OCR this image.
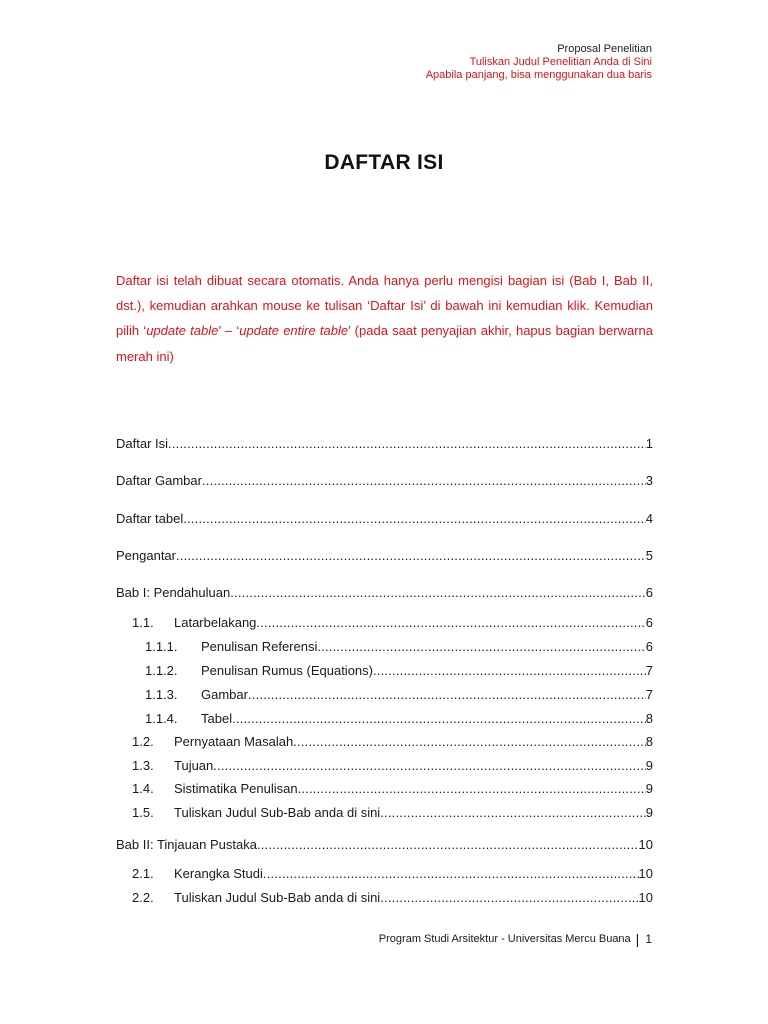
Proposal Penelitian
Tuliskan Judul Penelitian Anda di Sini
Apabila panjang, bisa menggunakan dua baris
DAFTAR ISI
Daftar isi telah dibuat secara otomatis. Anda hanya perlu mengisi bagian isi (Bab I, Bab II, dst.), kemudian arahkan mouse ke tulisan ‘Daftar Isi’ di bawah ini kemudian klik. Kemudian pilih ‘update table’ – ‘update entire table’ (pada saat penyajian akhir, hapus bagian berwarna merah ini)
Daftar Isi .....	1
Daftar Gambar .....	3
Daftar tabel .....	4
Pengantar .....	5
Bab I: Pendahuluan .....	6
1.1.	Latarbelakang .....	6
1.1.1.	Penulisan Referensi .....	6
1.1.2.	Penulisan Rumus (Equations) .....	7
1.1.3.	Gambar .....	7
1.1.4.	Tabel .....	8
1.2.	Pernyataan Masalah .....	8
1.3.	Tujuan .....	9
1.4.	Sistimatika Penulisan .....	9
1.5.	Tuliskan Judul Sub-Bab anda di sini .....	9
Bab II: Tinjauan Pustaka .....	10
2.1.	Kerangka Studi .....	10
2.2.	Tuliskan Judul Sub-Bab anda di sini .....	10
Program Studi Arsitektur - Universitas Mercu Buana | 1
